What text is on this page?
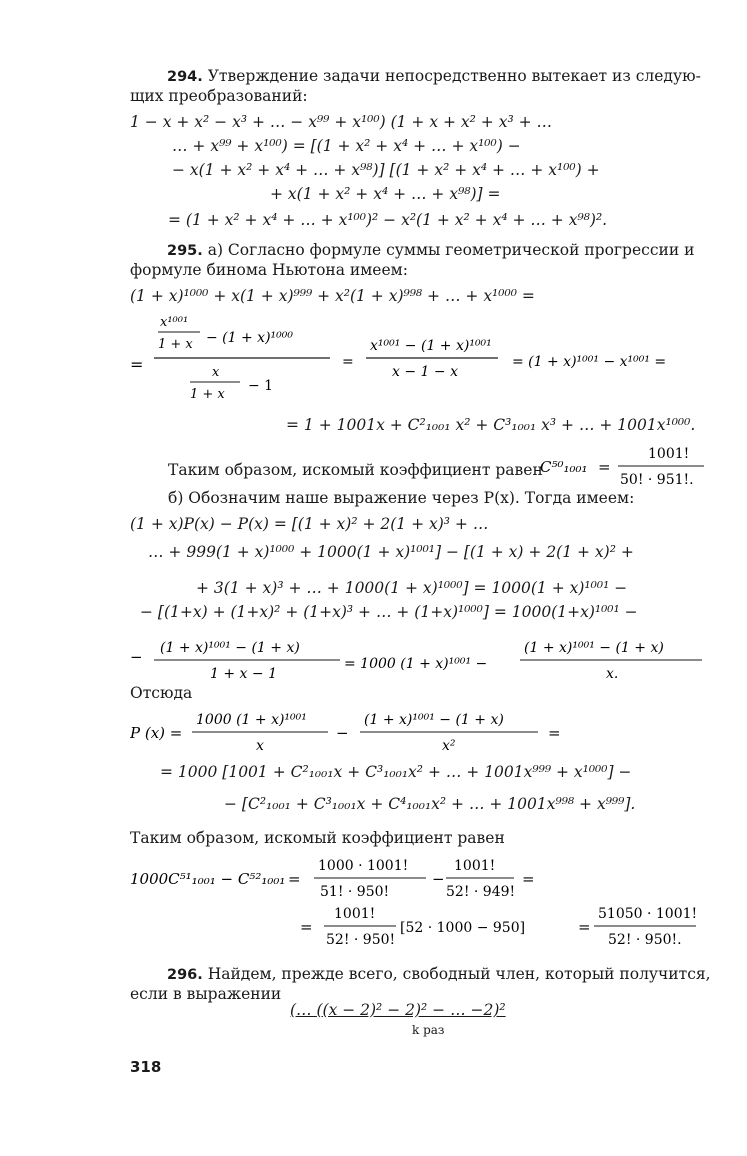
294. Утверждение задачи непосредственно вытекает из следую-
щих преобразований:
1 − x + x² − x³ + … − x⁹⁹ + x¹⁰⁰) (1 + x + x² + x³ + …
… + x⁹⁹ + x¹⁰⁰) = [(1 + x² + x⁴ + … + x¹⁰⁰) −
− x(1 + x² + x⁴ + … + x⁹⁸)] [(1 + x² + x⁴ + … + x¹⁰⁰) +
+ x(1 + x² + x⁴ + … + x⁹⁸)] =
= (1 + x² + x⁴ + … + x¹⁰⁰)² − x²(1 + x² + x⁴ + … + x⁹⁸)².
295. а) Согласно формуле суммы геометрической прогрессии и
формуле бинома Ньютона имеем:
(1 + x)¹⁰⁰⁰ + x(1 + x)⁹⁹⁹ + x²(1 + x)⁹⁹⁸ + … + x¹⁰⁰⁰ =
=
x¹⁰⁰¹
1 + x − (1 + x)¹⁰⁰⁰
x
1 + x
− 1
=
x¹⁰⁰¹ − (1 + x)¹⁰⁰¹
x − 1 − x
= (1 + x)¹⁰⁰¹ − x¹⁰⁰¹ =
= 1 + 1001x + C²₁₀₀₁ x² + C³₁₀₀₁ x³ + … + 1001x¹⁰⁰⁰.
Таким образом, искомый коэффициент равен
C⁵⁰₁₀₀₁ =
1001!
50! · 951!.
б) Обозначим наше выражение через P(x). Тогда имеем:
(1 + x)P(x) − P(x) = [(1 + x)² + 2(1 + x)³ + …
… + 999(1 + x)¹⁰⁰⁰ + 1000(1 + x)¹⁰⁰¹] − [(1 + x) + 2(1 + x)² +
+ 3(1 + x)³ + … + 1000(1 + x)¹⁰⁰⁰] = 1000(1 + x)¹⁰⁰¹ −
− [(1+x) + (1+x)² + (1+x)³ + … + (1+x)¹⁰⁰⁰] = 1000(1+x)¹⁰⁰¹ −
− (1 + x)¹⁰⁰¹ − (1 + x)
1 + x − 1
= 1000 (1 + x)¹⁰⁰¹ −
(1 + x)¹⁰⁰¹ − (1 + x)
x.
Отсюда
P (x) =
1000 (1 + x)¹⁰⁰¹
x
−
(1 + x)¹⁰⁰¹ − (1 + x)
x²
=
= 1000 [1001 + C²₁₀₀₁x + C³₁₀₀₁x² + … + 1001x⁹⁹⁹ + x¹⁰⁰⁰] −
− [C²₁₀₀₁ + C³₁₀₀₁x + C⁴₁₀₀₁x² + … + 1001x⁹⁹⁸ + x⁹⁹⁹].
Таким образом, искомый коэффициент равен
1000C⁵¹₁₀₀₁ − C⁵²₁₀₀₁ =
1000 · 1001!
51! · 950!
−
1001!
52! · 949!
=
=
1001!
52! · 950!
[52 · 1000 − 950]	=
51050 · 1001!
52! · 950!.
296. Найдем, прежде всего, свободный член, который получится,
если в выражении
(… ((x − 2)² − 2)² − … −2)²
k раз
318
